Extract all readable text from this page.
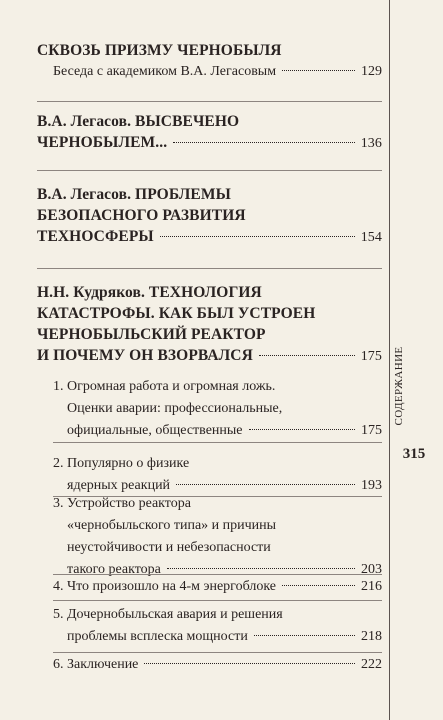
СКВОЗЬ ПРИЗМУ ЧЕРНОБЫЛЯ
Беседа с академиком В.А. Легасовым	129
В.А. Легасов. ВЫСВЕЧЕНО
ЧЕРНОБЫЛЕМ...	136
В.А. Легасов. ПРОБЛЕМЫ
БЕЗОПАСНОГО РАЗВИТИЯ
ТЕХНОСФЕРЫ	154
Н.Н. Кудряков. ТЕХНОЛОГИЯ
КАТАСТРОФЫ. КАК БЫЛ УСТРОЕН
ЧЕРНОБЫЛЬСКИЙ РЕАКТОР
И ПОЧЕМУ ОН ВЗОРВАЛСЯ	175
1. Огромная работа и огромная ложь.
Оценки аварии: профессиональные,
официальные, общественные	175
2. Популярно о физике
ядерных реакций	193
3. Устройство реактора
«чернобыльского типа» и причины
неустойчивости и небезопасности
такого реактора	203
4. Что произошло на 4-м энергоблоке	216
5. Дочернобыльская авария и решения
проблемы всплеска мощности	218
6. Заключение	222
СОДЕРЖАНИЕ
315
